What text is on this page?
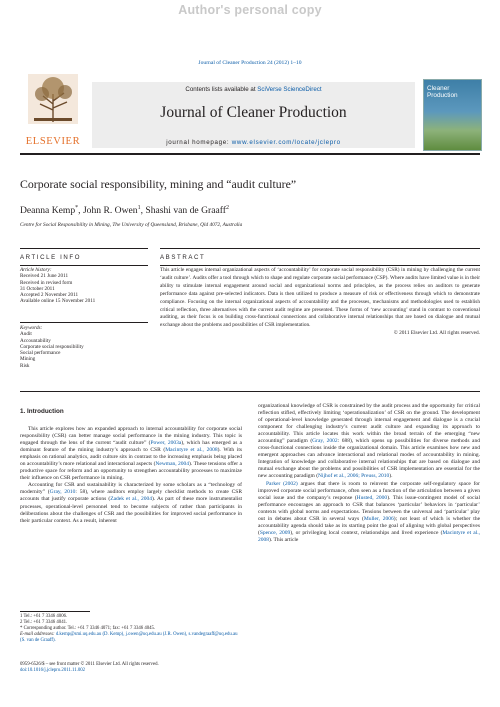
Author's personal copy
Journal of Cleaner Production 24 (2012) 1–10
ELSEVIER
Contents lists available at SciVerse ScienceDirect
Journal of Cleaner Production
journal homepage: www.elsevier.com/locate/jclepro
Cleaner Production
Corporate social responsibility, mining and “audit culture”
Deanna Kemp*, John R. Owen$^1$, Shashi van de Graaff$^2$
Centre for Social Responsibility in Mining, The University of Queensland, Brisbane, Qld 4072, Australia
ARTICLE INFO	ABSTRACT
Article history:
Received 21 June 2011
Received in revised form
31 October 2011
Accepted 2 November 2011
Available online 15 November 2011
Keywords:
Audit
Accountability
Corporate social responsibility
Social performance
Mining
Risk
This article engages internal organizational aspects of ‘accountability’ for corporate social responsibility (CSR) in mining by challenging the current ‘audit culture’. Audits offer a tool through which to shape and regulate corporate social performance (CSP). Where audits have limited value is in their ability to stimulate internal engagement around social and organizational norms and principles, as the process relies on auditors to generate performance data against pre-selected indicators. Data is then utilized to produce a measure of risk or effectiveness through which to demonstrate compliance. Focusing on the internal organizational aspects of accountability and the processes, mechanisms and methodologies used to establish critical reflection, three alternatives with the current audit regime are presented. These forms of ‘new accounting’ stand in contrast to conventional auditing, as their focus is on building cross-functional connections and collaborative internal relationships that are based on dialogue and mutual exchange about the problems and possibilities of CSR implementation.
© 2011 Elsevier Ltd. All rights reserved.
1. Introduction

This article explores how an expanded approach to internal accountability for corporate social responsibility (CSR) can better manage social performance in the mining industry. This topic is engaged through the lens of the current “audit culture” (Power, 2003a), which has emerged as a dominant feature of the mining industry’s approach to CSR (Macintyre et al., 2008). With its emphasis on rational analytics, audit culture sits in contrast to the increasing emphasis being placed on accountability’s more relational and interactional aspects (Newman, 2004). These tensions offer a productive space for reform and an opportunity to strengthen accountability processes to maximize their influence on CSR performance in mining.

Accounting for CSR and sustainability is characterized by some scholars as a “technology of modernity” (Gray, 2010: 58), where auditors employ largely checklist methods to create CSR accounts that justify corporate actions (Zadek et al., 2004). As part of these more instrumentalist processes, operational-level personnel tend to become subjects of rather than participants in deliberations about the challenges of CSR and the possibilities for improved social performance in their particular context. As a result, inherent

organizational knowledge of CSR is constrained by the audit process and the opportunity for critical reflection stifled, effectively limiting ‘operationalization’ of CSR on the ground. The development of operational-level knowledge generated through internal engagement and dialogue is a crucial component for challenging industry’s current audit culture and expanding its approach to accountability. This article locates this work within the broad terrain of the emerging “new accounting” paradigm (Gray, 2002: 688), which opens up possibilities for diverse methods and cross-functional connections inside the organizational domain. This article examines how new and emergent approaches can advance interactional and relational modes of accountability in mining. Integration of knowledge and collaborative internal relationships that are based on dialogue and mutual exchange about the problems and possibilities of CSR implementation are essential for the new accounting paradigm (Nijhof et al., 2006; Preuss, 2010).

Parker (2002) argues that there is room to reinvent the corporate self-regulatory space for improved corporate social performance, often seen as a function of the articulation between a given social issue and the company’s response (Husted, 2000). This issue-contingent model of social performance encourages an approach to CSR that balances ‘particular’ behaviors in ‘particular’ contexts with global norms and expectations. Tensions between the universal and ‘particular’ play out in debates about CSR in several ways (Muller, 2006); not least of which is whether the accountability agenda should take as its starting point the goal of aligning with global perspectives (Spence, 2009), or privileging local context, relationships and lived experience (Macintyre et al., 2008). This article

1 Tel.: +61 7 3346 4006.
2 Tel.: +61 7 3346 4041.
* Corresponding author. Tel.: +61 7 3346 4071; fax: +61 7 3346 4045.
E-mail addresses: d.kemp@smi.uq.edu.au (D. Kemp), j.owen@uq.edu.au (J.R. Owen), s.vandegraaff@uq.edu.au (S. van de Graaff).
0959-6526/$ – see front matter © 2011 Elsevier Ltd. All rights reserved.
doi:10.1016/j.jclepro.2011.11.002
